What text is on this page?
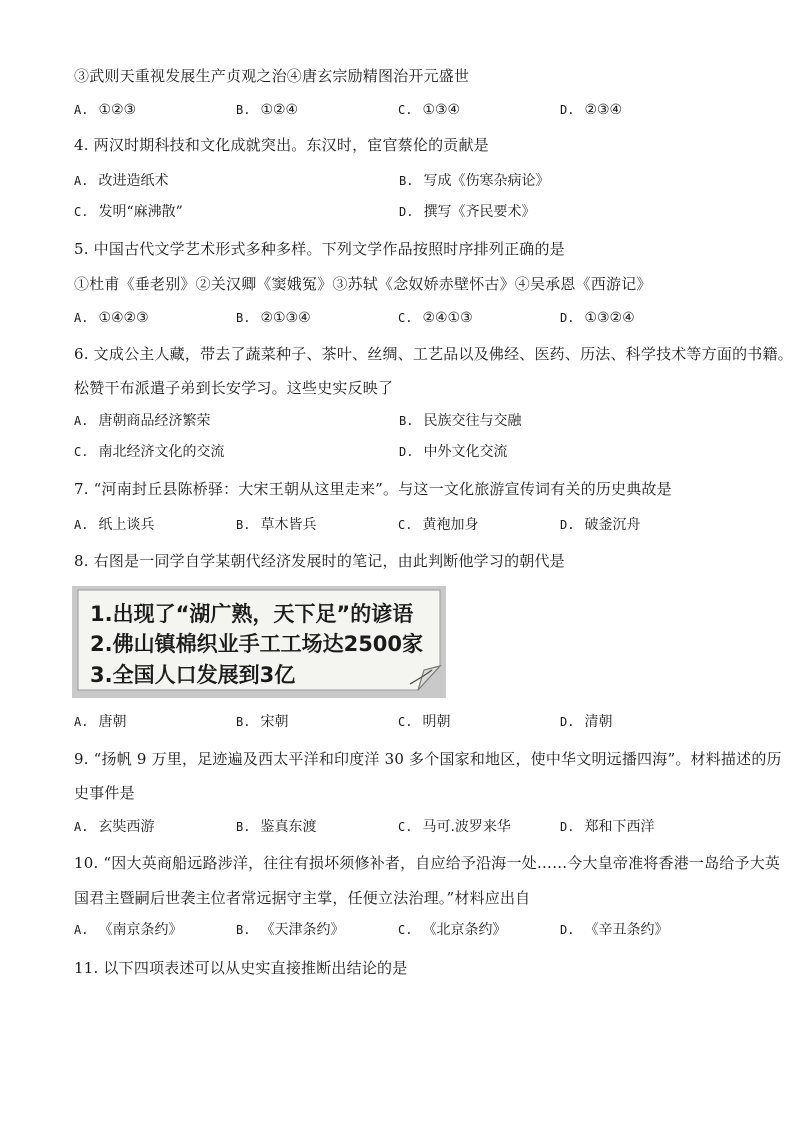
③武则天重视发展生产贞观之治④唐玄宗励精图治开元盛世
A. ①②③	B. ①②④	C. ①③④	D. ②③④
4. 两汉时期科技和文化成就突出。东汉时，宦官蔡伦的贡献是
A. 改进造纸术	B. 写成《伤寒杂病论》
C. 发明“麻沸散”	D. 撰写《齐民要术》
5. 中国古代文学艺术形式多种多样。下列文学作品按照时序排列正确的是
①杜甫《垂老别》②关汉卿《窦娥冤》③苏轼《念奴娇赤壁怀古》④吴承恩《西游记》
A. ①④②③	B. ②①③④	C. ②④①③	D. ①③②④
6. 文成公主人藏，带去了蔬菜种子、茶叶、丝绸、工艺品以及佛经、医药、历法、科学技术等方面的书籍。
松赞干布派遣子弟到长安学习。这些史实反映了
A. 唐朝商品经济繁荣	B. 民族交往与交融
C. 南北经济文化的交流	D. 中外文化交流
7. “河南封丘县陈桥驿：大宋王朝从这里走来”。与这一文化旅游宣传词有关的历史典故是
A. 纸上谈兵	B. 草木皆兵	C. 黄袍加身	D. 破釜沉舟
8. 右图是一同学自学某朝代经济发展时的笔记，由此判断他学习的朝代是
1.出现了“湖广熟，天下足”的谚语
2.佛山镇棉织业手工工场达2500家
3.全国人口发展到3亿
A. 唐朝	B. 宋朝	C. 明朝	D. 清朝
9. “扬帆 9 万里，足迹遍及西太平洋和印度洋 30 多个国家和地区，使中华文明远播四海”。材料描述的历
史事件是
A. 玄奘西游	B. 鉴真东渡	C. 马可.波罗来华	D. 郑和下西洋
10. “因大英商船远路涉洋，往往有损坏须修补者，自应给予沿海一处……今大皇帝准将香港一岛给予大英
国君主暨嗣后世袭主位者常远据守主掌，任便立法治理。”材料应出自
A. 《南京条约》	B. 《天津条约》	C. 《北京条约》	D. 《辛丑条约》
11. 以下四项表述可以从史实直接推断出结论的是
